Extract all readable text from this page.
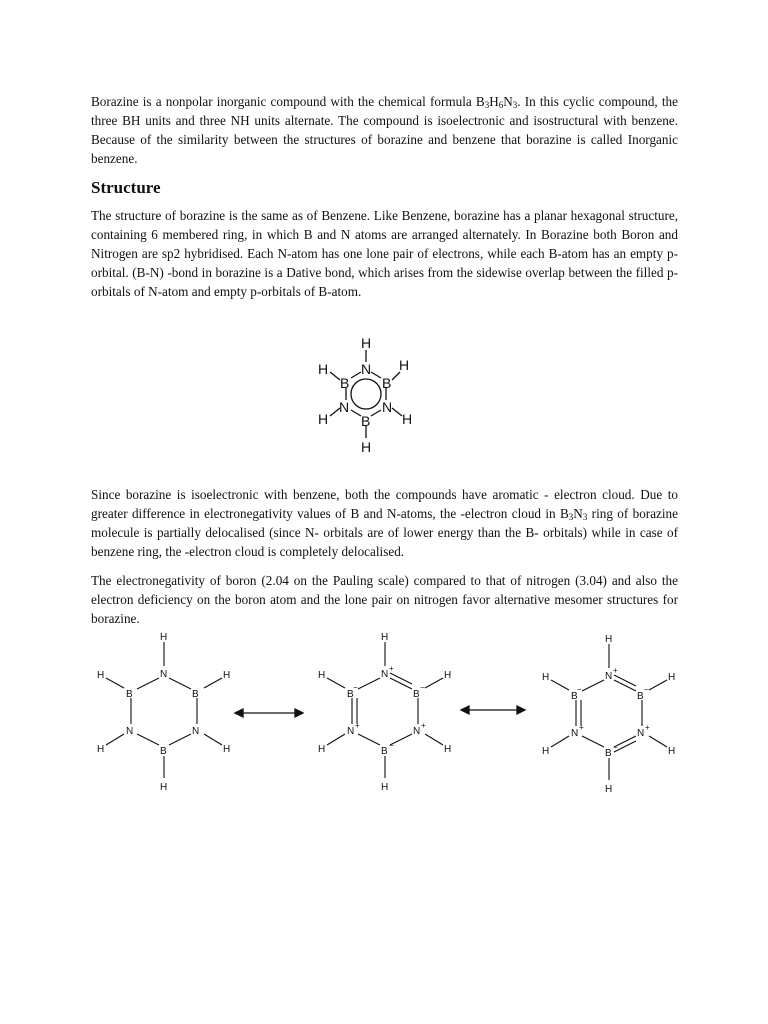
Borazine is a nonpolar inorganic compound with the chemical formula $B_3H_6N_3$. In this cyclic compound, the three BH units and three NH units alternate. The compound is isoelectronic and isostructural with benzene. Because of the similarity between the structures of borazine and benzene that borazine is called Inorganic benzene.

Structure

The structure of borazine is the same as of Benzene. Like Benzene, borazine has a planar hexagonal structure, containing 6 membered ring, in which B and N atoms are arranged alternately. In Borazine both Boron and Nitrogen are sp2 hybridised. Each N-atom has one lone pair of electrons, while each B-atom has an empty p-orbital. (B-N) -bond in borazine is a Dative bond, which arises from the sidewise overlap between the filled p-orbitals of N-atom and empty p-orbitals of B-atom.

H
N
B B
N N
B
H
H	H
H	H

Since borazine is isoelectronic with benzene, both the compounds have aromatic - electron cloud. Due to greater difference in electronegativity values of B and N-atoms, the -electron cloud in $B_3N_3$ ring of borazine molecule is partially delocalised (since N- orbitals are of lower energy than the B- orbitals) while in case of benzene ring, the -electron cloud is completely delocalised.

The electronegativity of boron (2.04 on the Pauling scale) compared to that of nitrogen (3.04) and also the electron deficiency on the boron atom and the lone pair on nitrogen favor alternative mesomer structures for borazine.

H
N
B	B
N	N
B
H
H	H
H	H
H
N
+
B
−
B
−
N
+
N
+
B
−
H
H	H
H	H
H
N
+
B
−
B
−
N
+
N
+
B
−
H
H	H
H	H
